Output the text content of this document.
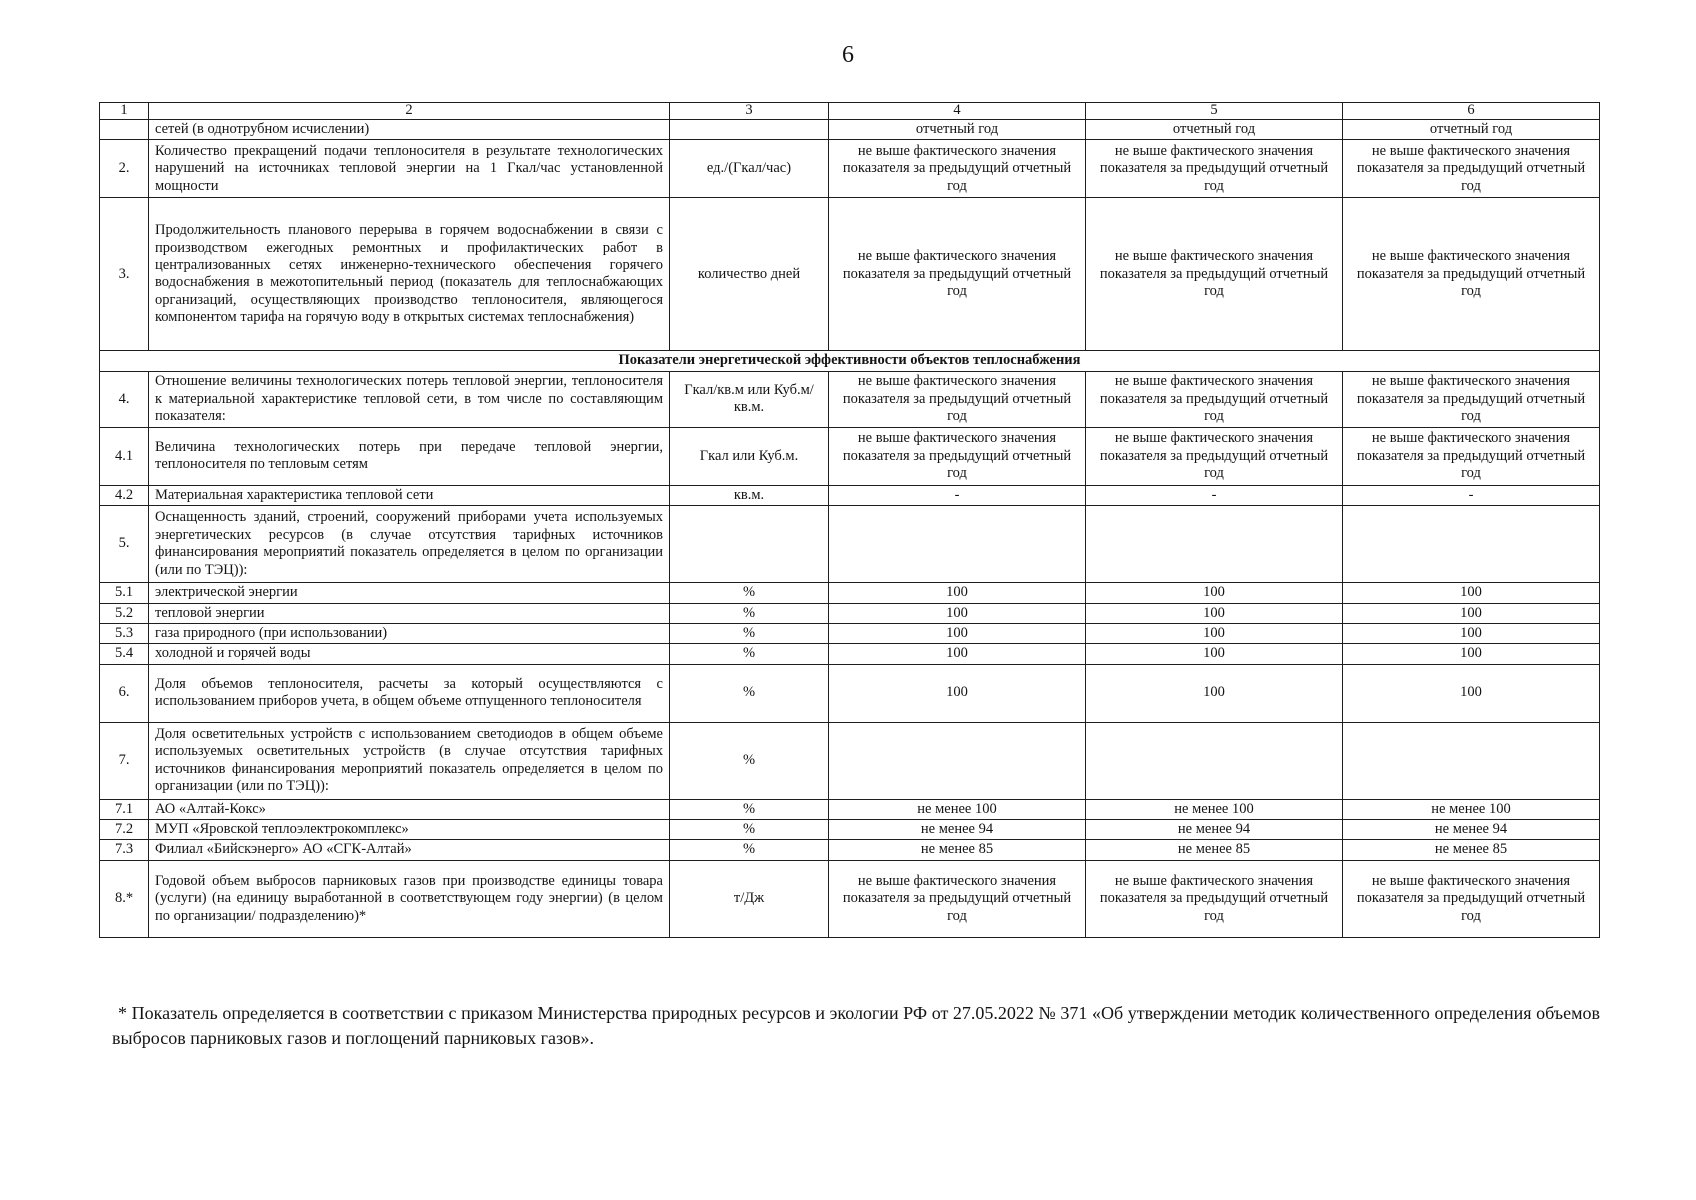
6
1	2	3	4	5	6
	сетей (в однотрубном исчислении)		отчетный год	отчетный год	отчетный год
2.	Количество прекращений подачи теплоносителя в результате технологических нарушений на источниках тепловой энергии на 1 Гкал/час установленной мощности	ед./(Гкал/час)	не выше фактического значения показателя за предыдущий отчетный год	не выше фактического значения показателя за предыдущий отчетный год	не выше фактического значения показателя за предыдущий отчетный год
3.	Продолжительность планового перерыва в горячем водоснабжении в связи с производством ежегодных ремонтных и профилактических работ в централизованных сетях инженерно-технического обеспечения горячего водоснабжения в межотопительный период (показатель для теплоснабжающих организаций, осуществляющих производство теплоносителя, являющегося компонентом тарифа на горячую воду в открытых системах теплоснабжения)	количество дней	не выше фактического значения показателя за предыдущий отчетный год	не выше фактического значения показателя за предыдущий отчетный год	не выше фактического значения показателя за предыдущий отчетный год
Показатели энергетической эффективности объектов теплоснабжения					
4.	Отношение величины технологических потерь тепловой энергии, теплоносителя к материальной характеристике тепловой сети, в том числе по составляющим показателя:	Гкал/кв.м или Куб.м/кв.м.	не выше фактического значения показателя за предыдущий отчетный год	не выше фактического значения показателя за предыдущий отчетный год	не выше фактического значения показателя за предыдущий отчетный год
4.1	Величина технологических потерь при передаче тепловой энергии, теплоносителя по тепловым сетям	Гкал или Куб.м.	не выше фактического значения показателя за предыдущий отчетный год	не выше фактического значения показателя за предыдущий отчетный год	не выше фактического значения показателя за предыдущий отчетный год
4.2	Материальная характеристика тепловой сети	кв.м.	-	-	-
5.	Оснащенность зданий, строений, сооружений приборами учета используемых энергетических ресурсов (в случае отсутствия тарифных источников финансирования мероприятий показатель определяется в целом по организации (или по ТЭЦ)):				
5.1	электрической энергии	%	100	100	100
5.2	тепловой энергии	%	100	100	100
5.3	газа природного (при использовании)	%	100	100	100
5.4	холодной и горячей воды	%	100	100	100
6.	Доля объемов теплоносителя, расчеты за который осуществляются с использованием приборов учета, в общем объеме отпущенного теплоносителя	%	100	100	100
7.	Доля осветительных устройств с использованием светодиодов в общем объеме используемых осветительных устройств (в случае отсутствия тарифных источников финансирования мероприятий показатель определяется в целом по организации (или по ТЭЦ)):	%			
7.1	АО «Алтай-Кокс»	%	не менее 100	не менее 100	не менее 100
7.2	МУП «Яровской теплоэлектрокомплекс»	%	не менее 94	не менее 94	не менее 94
7.3	Филиал «Бийскэнерго» АО «СГК-Алтай»	%	не менее 85	не менее 85	не менее 85
8.*	Годовой объем выбросов парниковых газов при производстве единицы товара (услуги) (на единицу выработанной в соответствующем году энергии) (в целом по организации/ подразделению)*	т/Дж	не выше фактического значения показателя за предыдущий отчетный год	не выше фактического значения показателя за предыдущий отчетный год	не выше фактического значения показателя за предыдущий отчетный год
* Показатель определяется в соответствии с приказом Министерства природных ресурсов и экологии РФ от 27.05.2022 № 371 «Об утверждении методик количественного определения объемов выбросов парниковых газов и поглощений парниковых газов».
